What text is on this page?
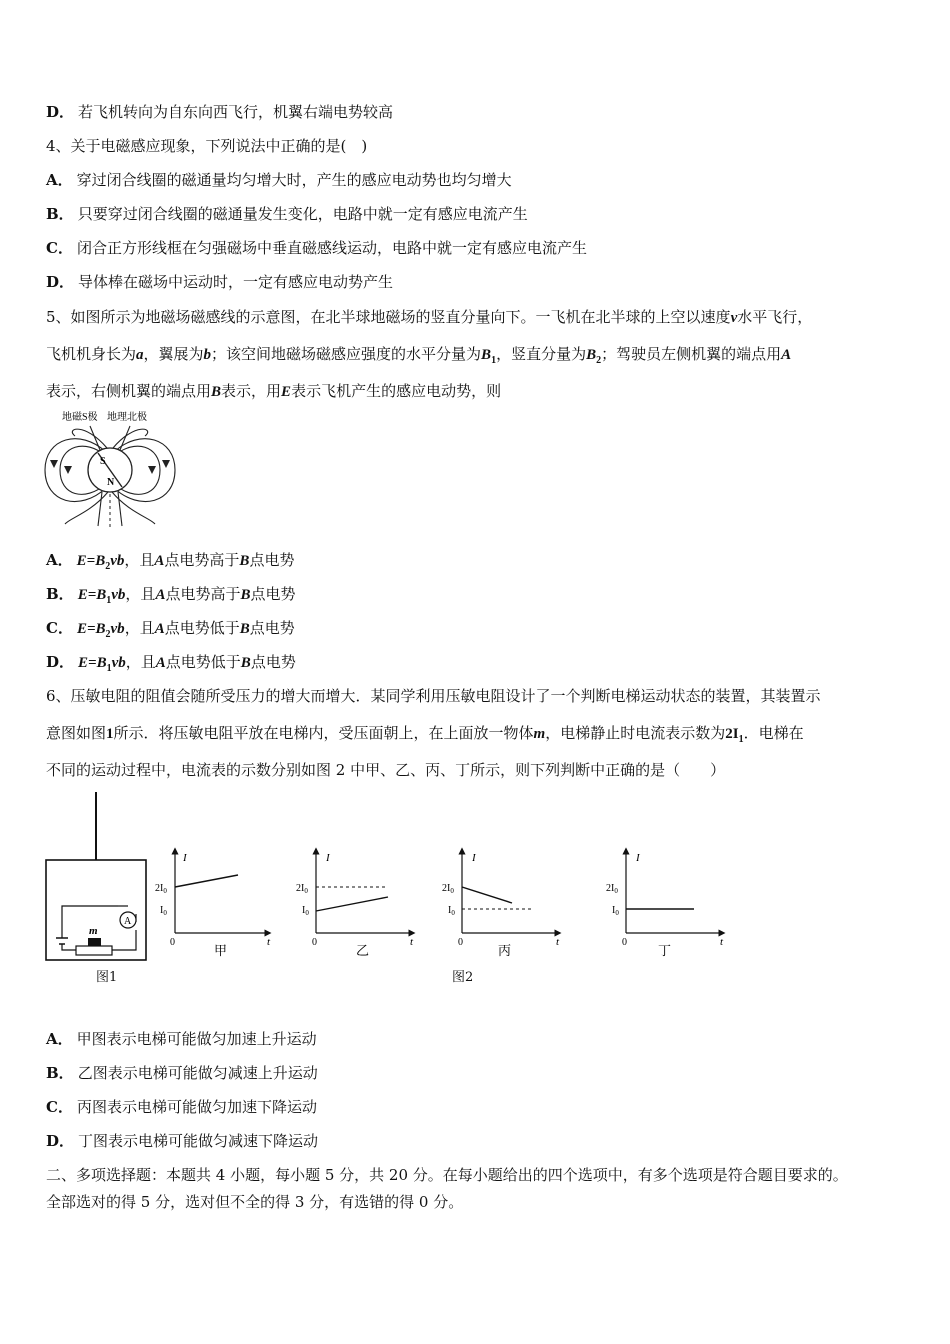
D． 若飞机转向为自东向西飞行，机翼右端电势较高
4、关于电磁感应现象，下列说法中正确的是(　)
A． 穿过闭合线圈的磁通量均匀增大时，产生的感应电动势也均匀增大
B． 只要穿过闭合线圈的磁通量发生变化，电路中就一定有感应电流产生
C． 闭合正方形线框在匀强磁场中垂直磁感线运动，电路中就一定有感应电流产生
D． 导体棒在磁场中运动时，一定有感应电动势产生
5、如图所示为地磁场磁感线的示意图，在北半球地磁场的竖直分量向下。一飞机在北半球的上空以速度v水平飞行，
飞机机身长为a，翼展为b；该空间地磁场磁感应强度的水平分量为$B_1$，竖直分量为$B_2$；驾驶员左侧机翼的端点用A
表示，右侧机翼的端点用B表示，用E表示飞机产生的感应电动势，则
地磁S极 地理北极
S
N
A． $E=B_2vb$，且A点电势高于B点电势
B． $E=B_1vb$，且A点电势高于B点电势
C． $E=B_2vb$，且A点电势低于B点电势
D． $E=B_1vb$，且A点电势低于B点电势
6、压敏电阻的阻值会随所受压力的增大而增大．某同学利用压敏电阻设计了一个判断电梯运动状态的装置，其装置示
意图如图1所示．将压敏电阻平放在电梯内，受压面朝上，在上面放一物体m，电梯静止时电流表示数为$2I_1$．电梯在
不同的运动过程中，电流表的示数分别如图 2 中甲、乙、丙、丁所示，则下列判断中正确的是（　　）
m
A
图1
I
t
0
$2I_0$
$I_0$
甲
I
t
0
$2I_0$
$I_0$
乙
I
t
0
$2I_0$
$I_0$
丙
I
t
0
$2I_0$
$I_0$
丁
图2
A． 甲图表示电梯可能做匀加速上升运动
B． 乙图表示电梯可能做匀减速上升运动
C． 丙图表示电梯可能做匀加速下降运动
D． 丁图表示电梯可能做匀减速下降运动
二、多项选择题：本题共 4 小题，每小题 5 分，共 20 分。在每小题给出的四个选项中，有多个选项是符合题目要求的。
全部选对的得 5 分，选对但不全的得 3 分，有选错的得 0 分。
